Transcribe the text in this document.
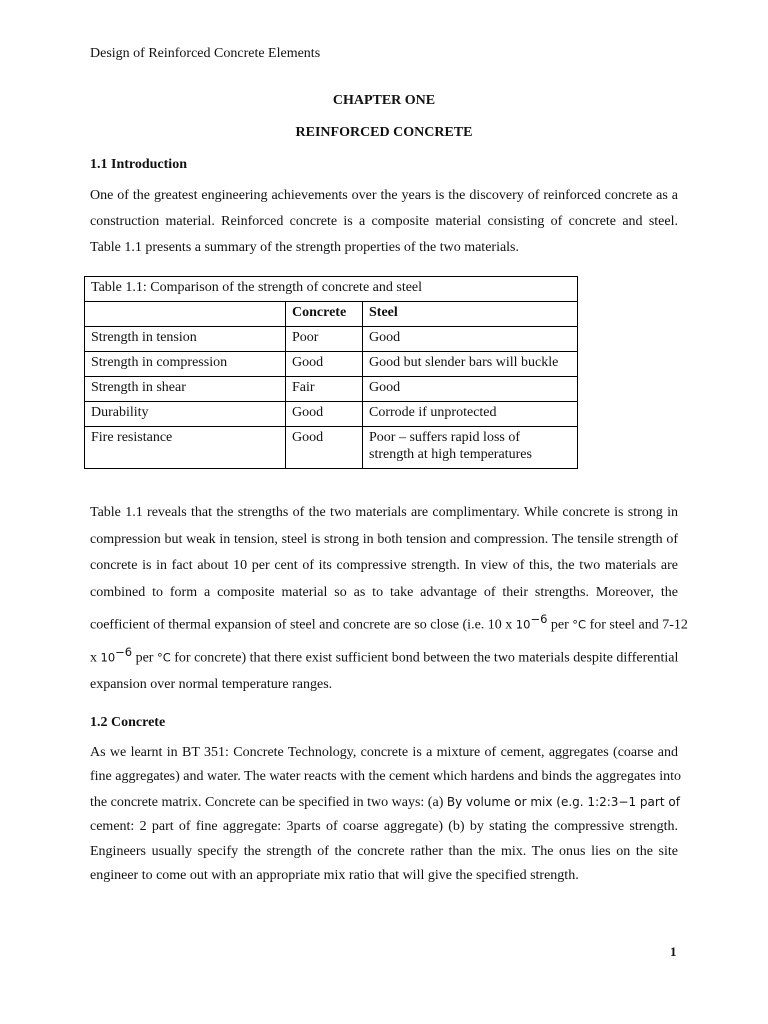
Design of Reinforced Concrete Elements
CHAPTER ONE
REINFORCED CONCRETE
1.1 Introduction
One of the greatest engineering achievements over the years is the discovery of reinforced concrete as a
construction material. Reinforced concrete is a composite material consisting of concrete and steel.
Table 1.1 presents a summary of the strength properties of the two materials.
Table 1.1: Comparison of the strength of concrete and steel		
	Concrete	Steel
Strength in tension	Poor	Good
Strength in compression	Good	Good but slender bars will buckle
Strength in shear	Fair	Good
Durability	Good	Corrode if unprotected
Fire resistance	Good	Poor – suffers rapid loss of
strength at high temperatures
Table 1.1 reveals that the strengths of the two materials are complimentary. While concrete is strong in
compression but weak in tension, steel is strong in both tension and compression. The tensile strength of
concrete is in fact about 10 per cent of its compressive strength. In view of this, the two materials are
combined to form a composite material so as to take advantage of their strengths. Moreover, the
coefficient of thermal expansion of steel and concrete are so close (i.e. 10 x $10^{-6}$ per °C for steel and 7-12
x $10^{-6}$ per °C for concrete) that there exist sufficient bond between the two materials despite differential
expansion over normal temperature ranges.
1.2 Concrete
As we learnt in BT 351: Concrete Technology, concrete is a mixture of cement, aggregates (coarse and
fine aggregates) and water. The water reacts with the cement which hardens and binds the aggregates into
the concrete matrix. Concrete can be specified in two ways: (a) By volume or mix (e.g. 1:2:3−1 part of
cement: 2 part of fine aggregate: 3parts of coarse aggregate) (b) by stating the compressive strength.
Engineers usually specify the strength of the concrete rather than the mix. The onus lies on the site
engineer to come out with an appropriate mix ratio that will give the specified strength.
1
